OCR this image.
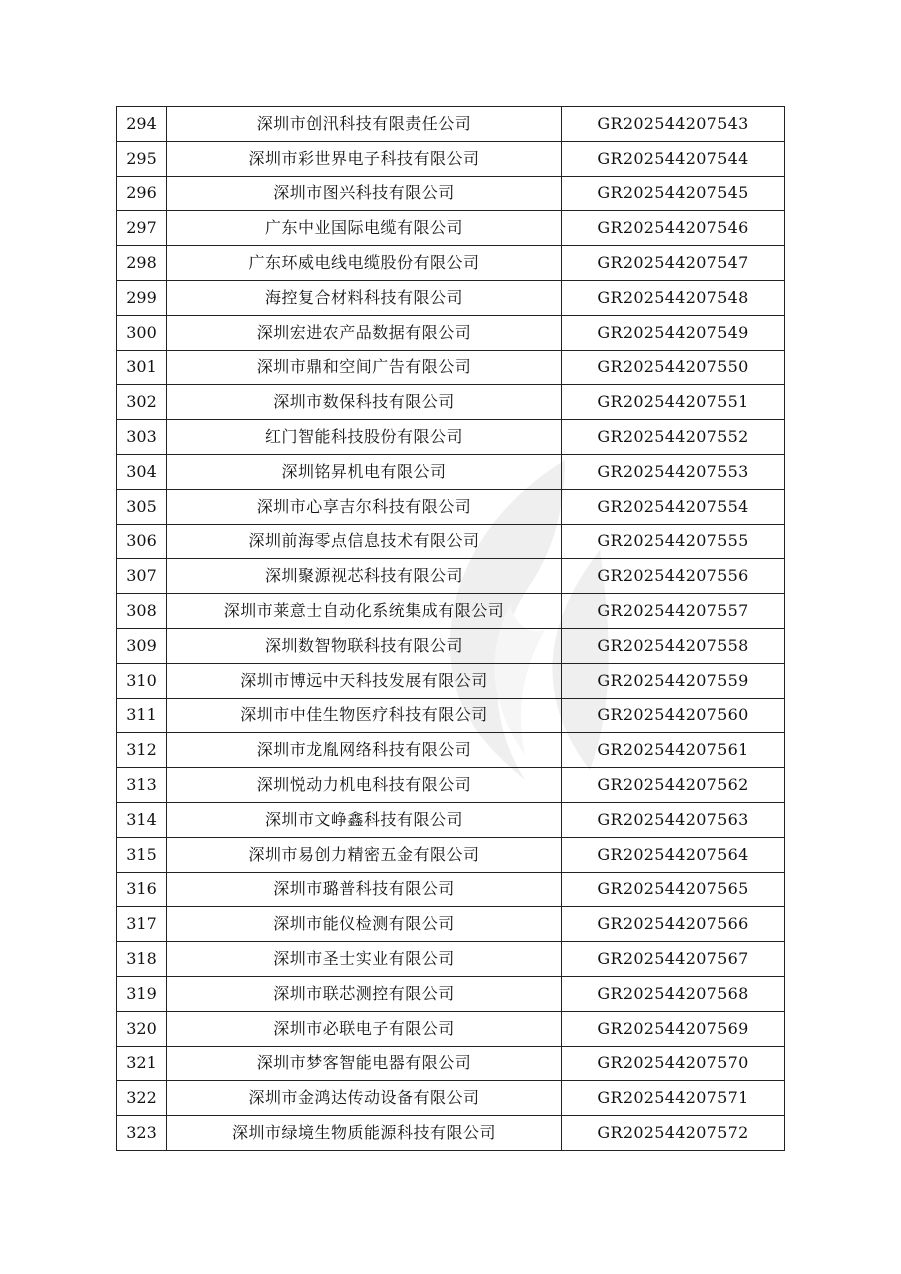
294	深圳市创汛科技有限责任公司	GR202544207543
295	深圳市彩世界电子科技有限公司	GR202544207544
296	深圳市图兴科技有限公司	GR202544207545
297	广东中业国际电缆有限公司	GR202544207546
298	广东环威电线电缆股份有限公司	GR202544207547
299	海控复合材料科技有限公司	GR202544207548
300	深圳宏进农产品数据有限公司	GR202544207549
301	深圳市鼎和空间广告有限公司	GR202544207550
302	深圳市数保科技有限公司	GR202544207551
303	红门智能科技股份有限公司	GR202544207552
304	深圳铭昇机电有限公司	GR202544207553
305	深圳市心享吉尔科技有限公司	GR202544207554
306	深圳前海零点信息技术有限公司	GR202544207555
307	深圳聚源视芯科技有限公司	GR202544207556
308	深圳市莱意士自动化系统集成有限公司	GR202544207557
309	深圳数智物联科技有限公司	GR202544207558
310	深圳市博远中天科技发展有限公司	GR202544207559
311	深圳市中佳生物医疗科技有限公司	GR202544207560
312	深圳市龙胤网络科技有限公司	GR202544207561
313	深圳悦动力机电科技有限公司	GR202544207562
314	深圳市文峥鑫科技有限公司	GR202544207563
315	深圳市易创力精密五金有限公司	GR202544207564
316	深圳市璐普科技有限公司	GR202544207565
317	深圳市能仪检测有限公司	GR202544207566
318	深圳市圣士实业有限公司	GR202544207567
319	深圳市联芯测控有限公司	GR202544207568
320	深圳市必联电子有限公司	GR202544207569
321	深圳市梦客智能电器有限公司	GR202544207570
322	深圳市金鸿达传动设备有限公司	GR202544207571
323	深圳市绿境生物质能源科技有限公司	GR202544207572
